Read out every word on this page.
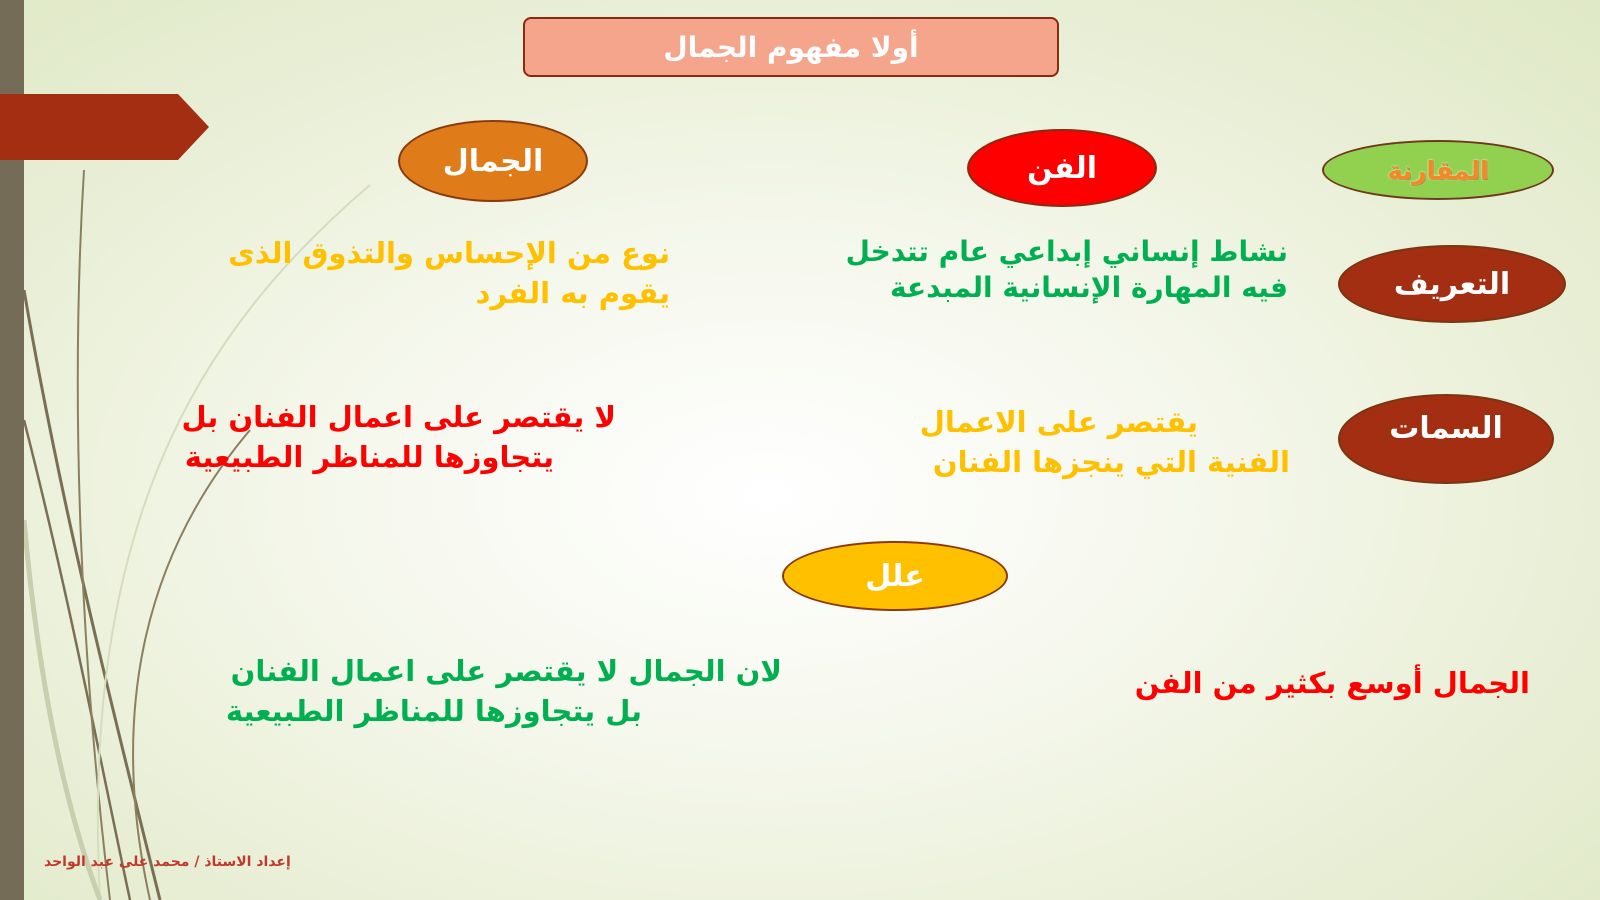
أولا مفهوم الجمال
المقارنة
الفن
الجمال
التعريف
السمات
نشاط إنساني إبداعي عام تتدخل
فيه المهارة الإنسانية المبدعة
نوع من الإحساس والتذوق الذى
يقوم به الفرد
يقتصر على الاعمال
الفنية التي ينجزها الفنان
لا يقتصر على اعمال الفنان بل
يتجاوزها للمناظر الطبيعية
علل
الجمال أوسع بكثير من الفن
لان الجمال لا يقتصر على اعمال الفنان
بل يتجاوزها للمناظر الطبيعية
إعداد الاستاذ / محمد على عبد الواحد
